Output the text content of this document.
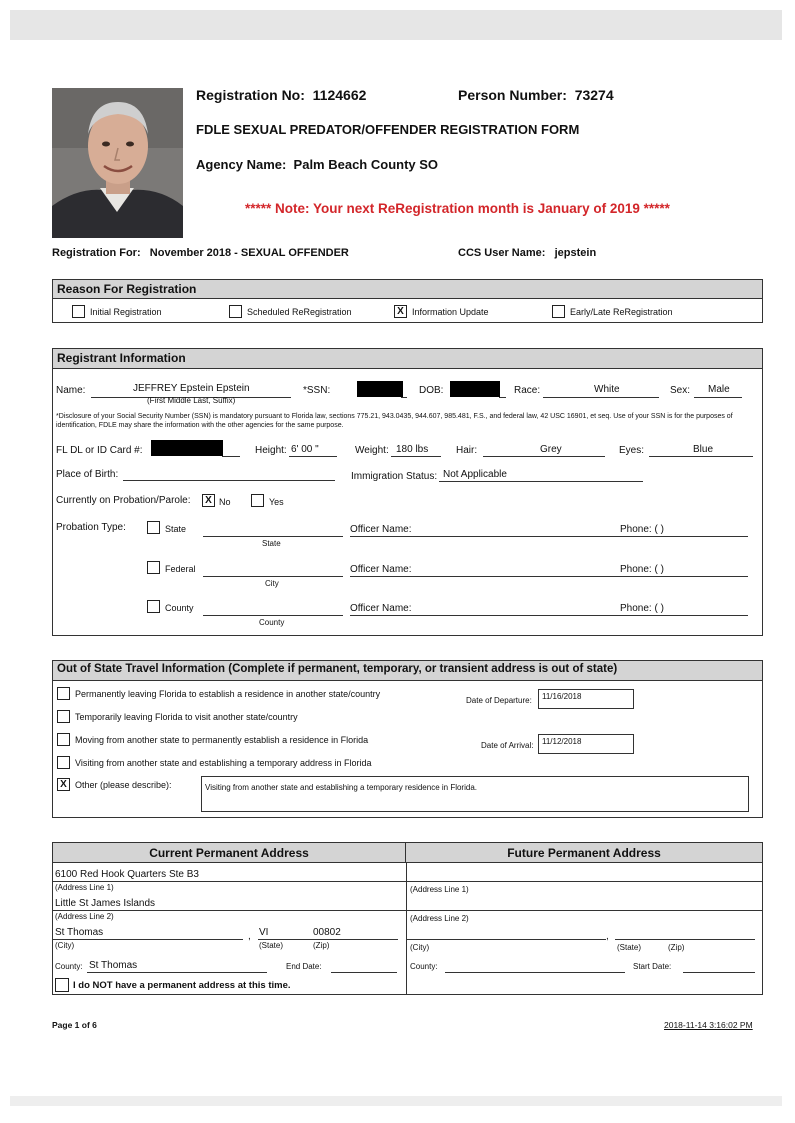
Registration No: 1124662	Person Number: 73274
FDLE SEXUAL PREDATOR/OFFENDER REGISTRATION FORM
Agency Name: Palm Beach County SO
***** Note: Your next ReRegistration month is January of 2019 *****
Registration For: November 2018 - SEXUAL OFFENDER	CCS User Name: jepstein
Reason For Registration
Initial Registration	Scheduled ReRegistration	X Information Update	Early/Late ReRegistration
Registrant Information
Name:	JEFFREY Epstein Epstein
(First Middle Last, Suffix)
*SSN:	DOB:	Race:	White	Sex: Male
*Disclosure of your Social Security Number (SSN) is mandatory pursuant to Florida law, sections 775.21, 943.0435, 944.607, 985.481, F.S., and federal law, 42 USC 16901, et seq. Use of your SSN is for the purposes of identification, FDLE may share the information with the other agencies for the same purpose.
FL DL or ID Card #:	Height: 6' 00 "	Weight: 180 lbs	Hair:	Grey	Eyes:	Blue
Place of Birth:	Immigration Status: Not Applicable
Currently on Probation/Parole:	X No	Yes
Probation Type:	State
State
Officer Name:	Phone: ( )
Federal
City
Officer Name:	Phone: ( )
County
County
Officer Name:	Phone: ( )
Out of State Travel Information (Complete if permanent, temporary, or transient address is out of state)
Permanently leaving Florida to establish a residence in another state/country
Temporarily leaving Florida to visit another state/country
Moving from another state to permanently establish a residence in Florida
Visiting from another state and establishing a temporary address in Florida
X Other (please describe):
Date of Departure:	11/16/2018
Date of Arrival:	11/12/2018
Visiting from another state and establishing a temporary residence in Florida.
Current Permanent Address	Future Permanent Address
6100 Red Hook Quarters Ste B3
(Address Line 1)
Little St James Islands
(Address Line 2)
St Thomas
(City)
, VI
(State)
00802
(Zip)
County: St Thomas	End Date:
I do NOT have a permanent address at this time.
(Address Line 1)
(Address Line 2)
(City)
,
(State)	(Zip)
County:	Start Date:
Page 1 of 6	2018-11-14 3:16:02 PM
